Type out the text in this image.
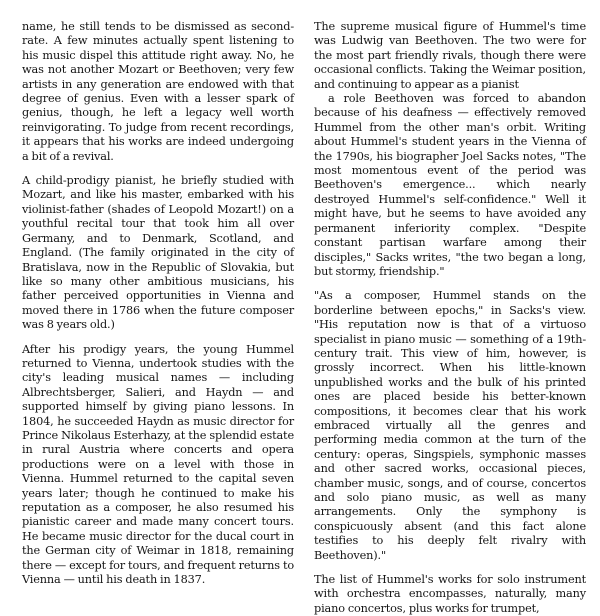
name, he still tends to be dismissed as second-rate. A few minutes actually spent listening to his music dispel this attitude right away. No, he was not another Mozart or Beethoven; very few artists in any generation are endowed with that degree of genius. Even with a lesser spark of genius, though, he left a legacy well worth reinvigorating. To judge from recent recordings, it appears that his works are indeed undergoing a bit of a revival.

A child-prodigy pianist, he briefly studied with Mozart, and like his master, embarked with his violinist-father (shades of Leopold Mozart!) on a youthful recital tour that took him all over Germany, and to Denmark, Scotland, and England. (The family originated in the city of Bratislava, now in the Republic of Slovakia, but like so many other ambitious musicians, his father perceived opportunities in Vienna and moved there in 1786 when the future composer was 8 years old.)

After his prodigy years, the young Hummel returned to Vienna, undertook studies with the city's leading musical names — including Albrechtsberger, Salieri, and Haydn — and supported himself by giving piano lessons. In 1804, he succeeded Haydn as music director for Prince Nikolaus Esterhazy, at the splendid estate in rural Austria where concerts and opera productions were on a level with those in Vienna. Hummel returned to the capital seven years later; though he continued to make his reputation as a composer, he also resumed his pianistic career and made many concert tours. He became music director for the ducal court in the German city of Weimar in 1818, remaining there — except for tours, and frequent returns to Vienna — until his death in 1837.

The supreme musical figure of Hummel's time was Ludwig van Beethoven. The two were for the most part friendly rivals, though there were occasional conflicts. Taking the Weimar position, and continuing to appear as a pianist

a role Beethoven was forced to abandon because of his deafness — effectively removed Hummel from the other man's orbit. Writing about Hummel's student years in the Vienna of the 1790s, his biographer Joel Sacks notes, "The most momentous event of the period was Beethoven's emergence... which nearly destroyed Hummel's self-confidence." Well it might have, but he seems to have avoided any permanent inferiority complex. "Despite constant partisan warfare among their disciples," Sacks writes, "the two began a long, but stormy, friendship."

"As a composer, Hummel stands on the borderline between epochs," in Sacks's view. "His reputation now is that of a virtuoso specialist in piano music — something of a 19th-century trait. This view of him, however, is grossly incorrect. When his little-known unpublished works and the bulk of his printed ones are placed beside his better-known compositions, it becomes clear that his work embraced virtually all the genres and performing media common at the turn of the century: operas, Singspiels, symphonic masses and other sacred works, occasional pieces, chamber music, songs, and of course, concertos and solo piano music, as well as many arrangements. Only the symphony is conspicuously absent (and this fact alone testifies to his deeply felt rivalry with Beethoven)."

The list of Hummel's works for solo instrument with orchestra encompasses, naturally, many piano concertos, plus works for trumpet,
